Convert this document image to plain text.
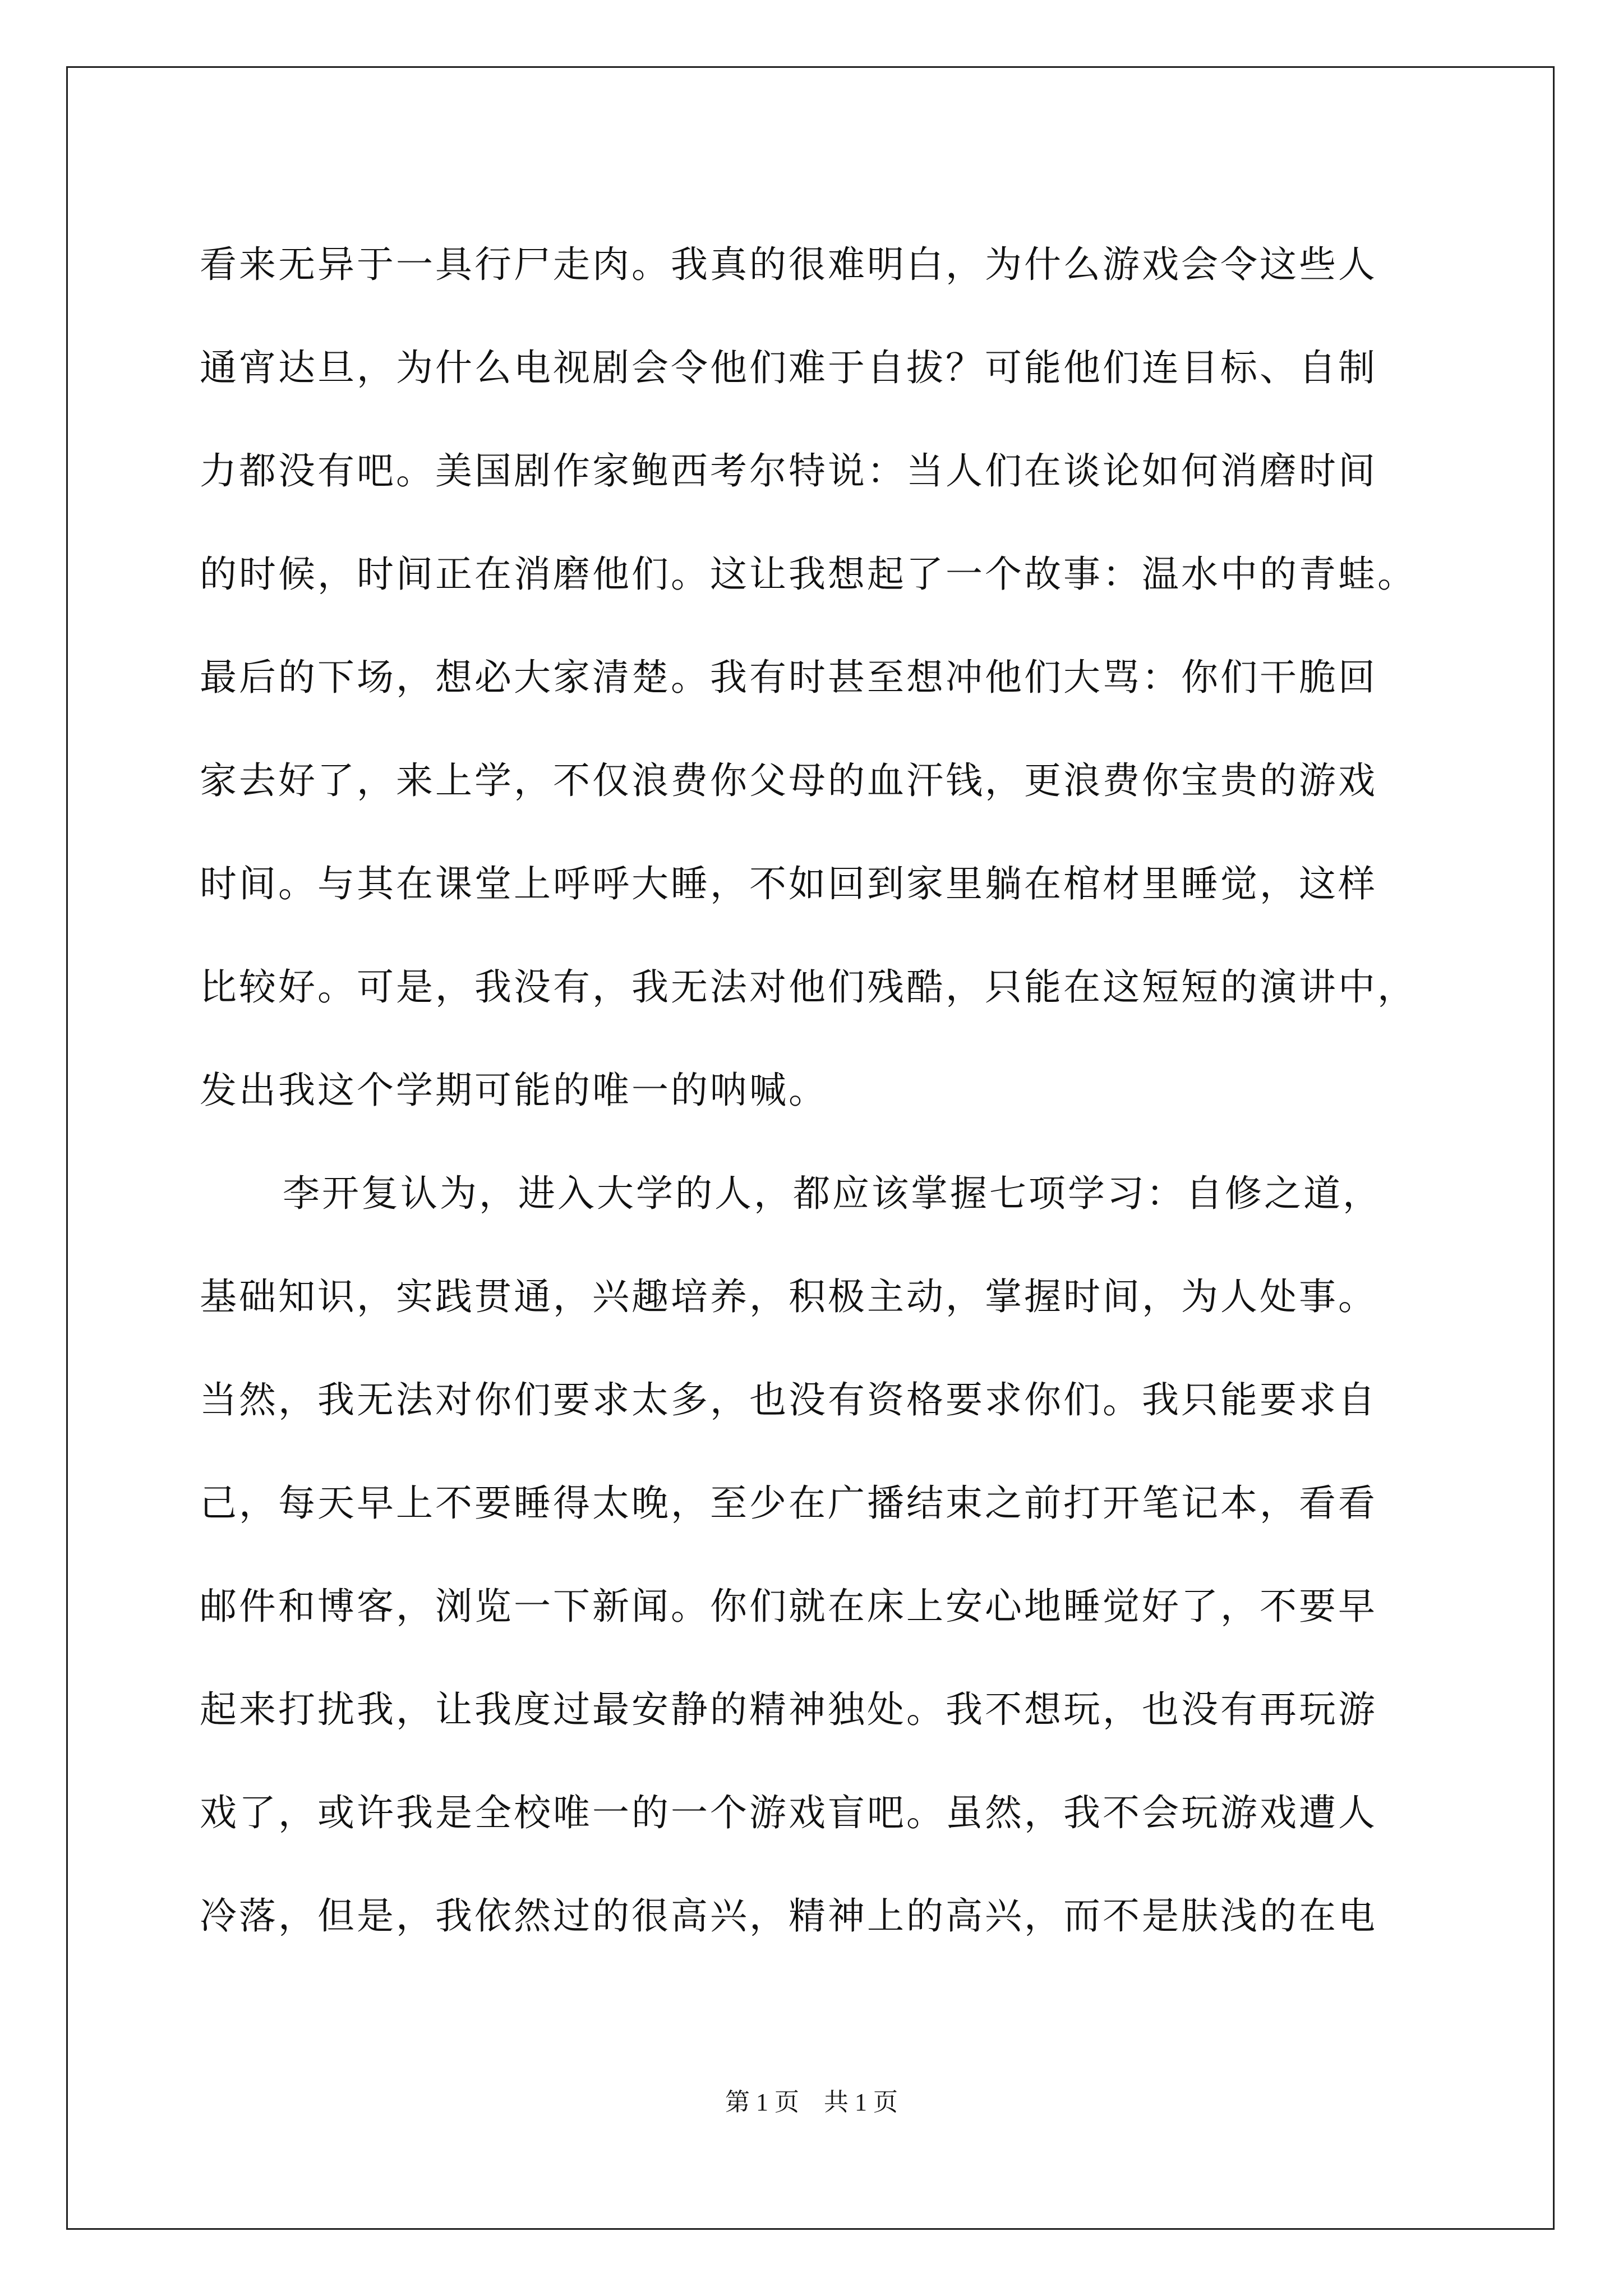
看来无异于一具行尸走肉。我真的很难明白，为什么游戏会令这些人
通宵达旦，为什么电视剧会令他们难于自拔？可能他们连目标、自制
力都没有吧。美国剧作家鲍西考尔特说：当人们在谈论如何消磨时间
的时候，时间正在消磨他们。这让我想起了一个故事：温水中的青蛙。
最后的下场，想必大家清楚。我有时甚至想冲他们大骂：你们干脆回
家去好了，来上学，不仅浪费你父母的血汗钱，更浪费你宝贵的游戏
时间。与其在课堂上呼呼大睡，不如回到家里躺在棺材里睡觉，这样
比较好。可是，我没有，我无法对他们残酷，只能在这短短的演讲中，
发出我这个学期可能的唯一的呐喊。
李开复认为，进入大学的人，都应该掌握七项学习：自修之道，
基础知识，实践贯通，兴趣培养，积极主动，掌握时间，为人处事。
当然，我无法对你们要求太多，也没有资格要求你们。我只能要求自
己，每天早上不要睡得太晚，至少在广播结束之前打开笔记本，看看
邮件和博客，浏览一下新闻。你们就在床上安心地睡觉好了，不要早
起来打扰我，让我度过最安静的精神独处。我不想玩，也没有再玩游
戏了，或许我是全校唯一的一个游戏盲吧。虽然，我不会玩游戏遭人
冷落，但是，我依然过的很高兴，精神上的高兴，而不是肤浅的在电
第 1 页　共 1 页
